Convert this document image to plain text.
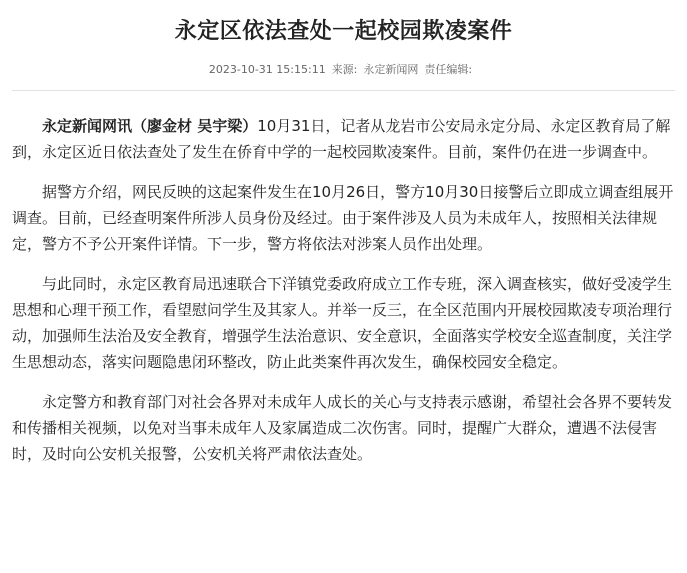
永定区依法查处一起校园欺凌案件
2023-10-31 15:15:11 来源: 永定新闻网 责任编辑:

永定新闻网讯（廖金材 吴宇梁）10月31日，记者从龙岩市公安局永定分局、永定区教育局了解到，永定区近日依法查处了发生在侨育中学的一起校园欺凌案件。目前，案件仍在进一步调查中。

据警方介绍，网民反映的这起案件发生在10月26日，警方10月30日接警后立即成立调查组展开调查。目前，已经查明案件所涉人员身份及经过。由于案件涉及人员为未成年人，按照相关法律规定，警方不予公开案件详情。下一步，警方将依法对涉案人员作出处理。

与此同时，永定区教育局迅速联合下洋镇党委政府成立工作专班，深入调查核实，做好受凌学生思想和心理干预工作，看望慰问学生及其家人。并举一反三，在全区范围内开展校园欺凌专项治理行动，加强师生法治及安全教育，增强学生法治意识、安全意识，全面落实学校安全巡查制度，关注学生思想动态，落实问题隐患闭环整改，防止此类案件再次发生，确保校园安全稳定。

永定警方和教育部门对社会各界对未成年人成长的关心与支持表示感谢，希望社会各界不要转发和传播相关视频，以免对当事未成年人及家属造成二次伤害。同时，提醒广大群众，遭遇不法侵害时，及时向公安机关报警，公安机关将严肃依法查处。
